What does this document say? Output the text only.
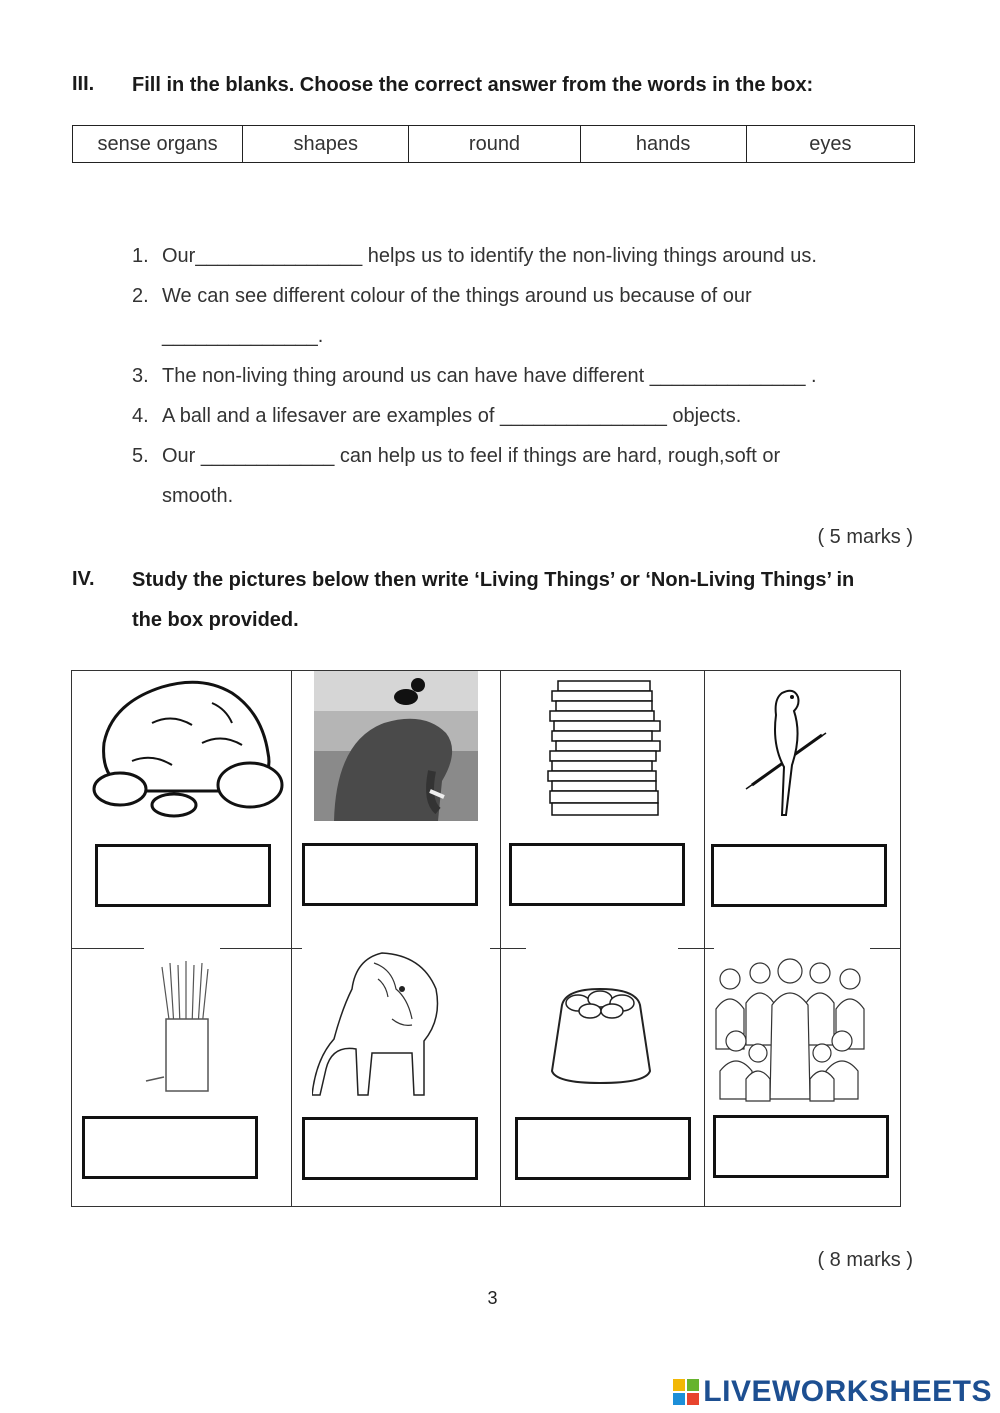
III. Fill in the blanks. Choose the correct answer from the words in the box:
sense organs	shapes	round	hands	eyes
1. Our_______________ helps us to identify the non-living things around us.
2. We can see different colour of the things around us because of our
______________.
3. The non-living thing around us can have have different ______________ .
4. A ball and a lifesaver are examples of _______________ objects.
5. Our ____________ can help us to feel if things are hard, rough,soft or
smooth.
( 5 marks )
IV. Study the pictures below then write ‘Living Things’ or ‘Non-Living Things’ in
the box provided.
( 8 marks )
3
LIVEWORKSHEETS
